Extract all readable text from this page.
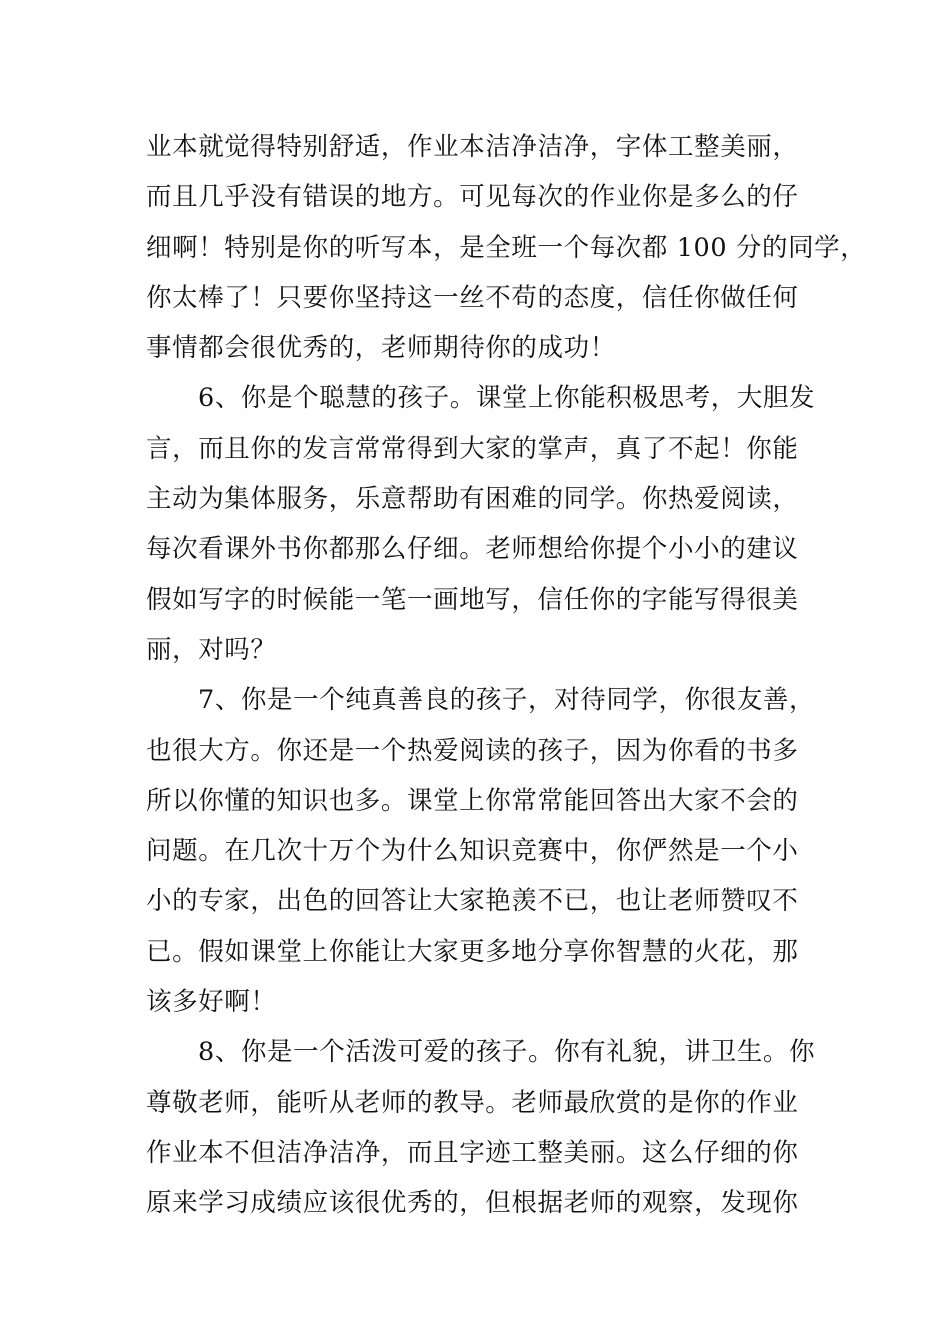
业本就觉得特别舒适，作业本洁净洁净，字体工整美丽，
而且几乎没有错误的地方。可见每次的作业你是多么的仔
细啊！特别是你的听写本，是全班一个每次都 100 分的同学，
你太棒了！只要你坚持这一丝不苟的态度，信任你做任何
事情都会很优秀的，老师期待你的成功！
6、你是个聪慧的孩子。课堂上你能积极思考，大胆发
言，而且你的发言常常得到大家的掌声，真了不起！你能
主动为集体服务，乐意帮助有困难的同学。你热爱阅读，
每次看课外书你都那么仔细。老师想给你提个小小的建议
假如写字的时候能一笔一画地写，信任你的字能写得很美
丽，对吗？
7、你是一个纯真善良的孩子，对待同学，你很友善，
也很大方。你还是一个热爱阅读的孩子，因为你看的书多
所以你懂的知识也多。课堂上你常常能回答出大家不会的
问题。在几次十万个为什么知识竞赛中，你俨然是一个小
小的专家，出色的回答让大家艳羡不已，也让老师赞叹不
已。假如课堂上你能让大家更多地分享你智慧的火花，那
该多好啊！
8、你是一个活泼可爱的孩子。你有礼貌，讲卫生。你
尊敬老师，能听从老师的教导。老师最欣赏的是你的作业
作业本不但洁净洁净，而且字迹工整美丽。这么仔细的你
原来学习成绩应该很优秀的，但根据老师的观察，发现你
